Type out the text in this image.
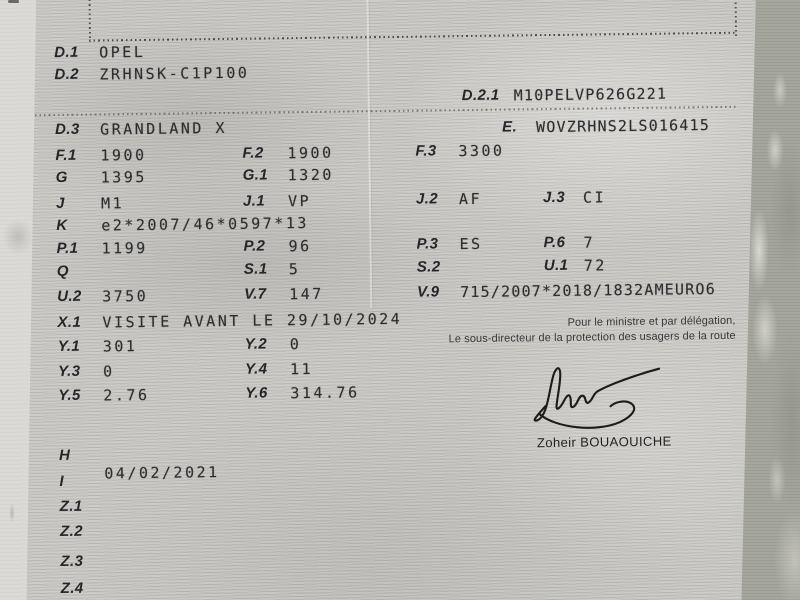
D.1 OPEL
D.2 ZRHNSK-C1P100
D.2.1 M10PELVP626G221
D.3 GRANDLAND X	E. WOVZRHNS2LS016415
F.1 1900	F.2 1900	F.3 3300
G 1395	G.1 1320
J M1	J.1 VP	J.2 AF	J.3 CI
K e2*2007/46*0597*13
P.1 1199	P.2 96	P.3 ES	P.6 7
Q	S.1 5	S.2	U.1 72
U.2 3750	V.7 147	V.9 715/2007*2018/1832AMEURO6
X.1 VISITE AVANT LE 29/10/2024
Y.1 301	Y.2 0
Y.3 0	Y.4 11
Y.5 2.76	Y.6 314.76
Pour le ministre et par délégation,
Le sous-directeur de la protection des usagers de la route
Zoheir BOUAOUICHE
H
I	04/02/2021
Z.1
Z.2
Z.3
Z.4
